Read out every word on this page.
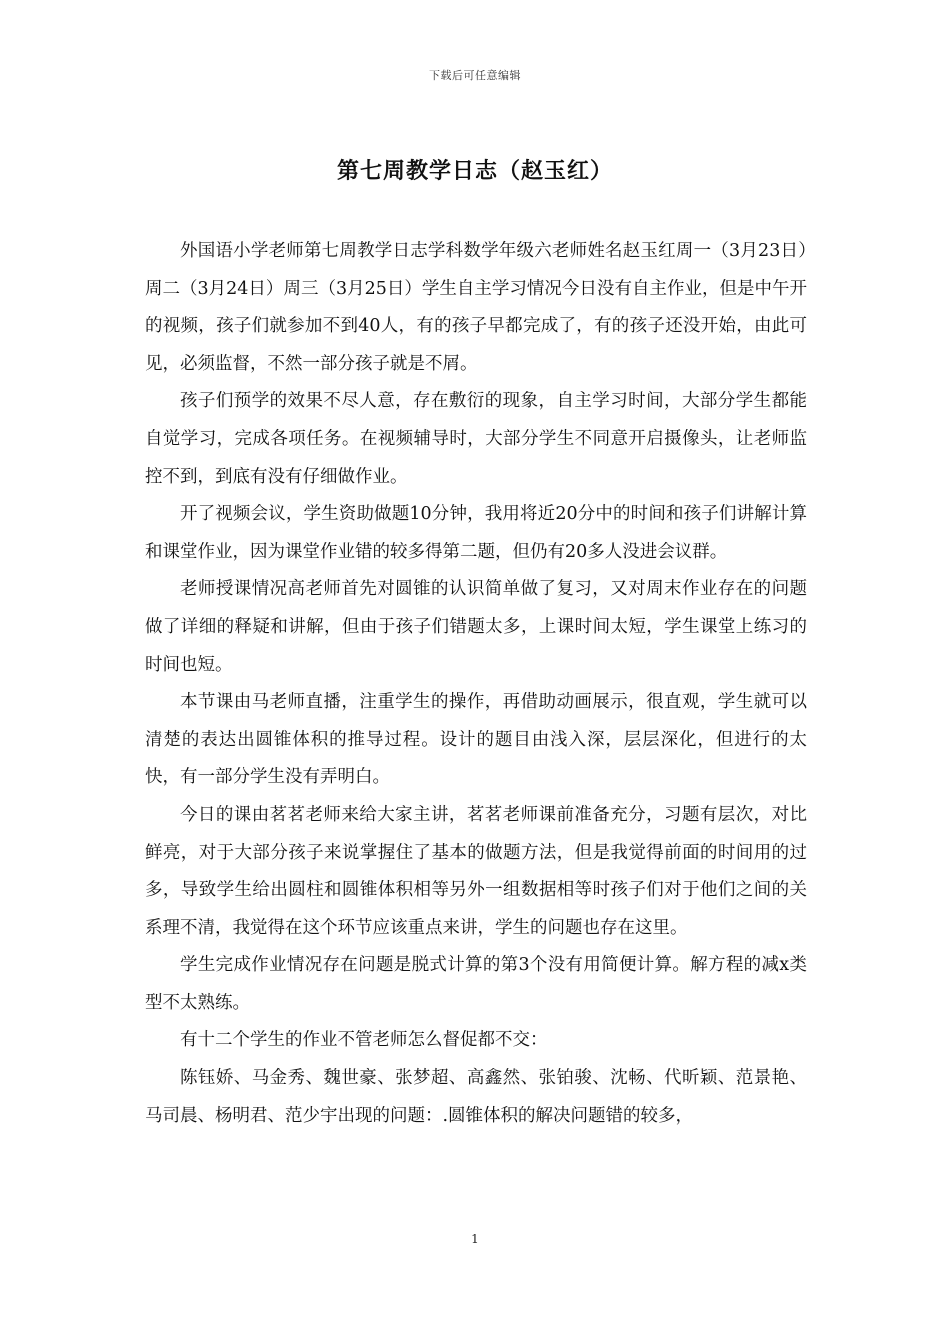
下载后可任意编辑
第七周教学日志（赵玉红）

外国语小学老师第七周教学日志学科数学年级六老师姓名赵玉红周一（3月23日）周二（3月24日）周三（3月25日）学生自主学习情况今日没有自主作业，但是中午开的视频，孩子们就参加不到40人，有的孩子早都完成了，有的孩子还没开始，由此可见，必须监督，不然一部分孩子就是不屑。

孩子们预学的效果不尽人意，存在敷衍的现象，自主学习时间，大部分学生都能自觉学习，完成各项任务。在视频辅导时，大部分学生不同意开启摄像头，让老师监控不到，到底有没有仔细做作业。

开了视频会议，学生资助做题10分钟，我用将近20分中的时间和孩子们讲解计算和课堂作业，因为课堂作业错的较多得第二题，但仍有20多人没进会议群。

老师授课情况高老师首先对圆锥的认识简单做了复习，又对周末作业存在的问题做了详细的释疑和讲解，但由于孩子们错题太多，上课时间太短，学生课堂上练习的时间也短。

本节课由马老师直播，注重学生的操作，再借助动画展示，很直观，学生就可以清楚的表达出圆锥体积的推导过程。设计的题目由浅入深，层层深化，但进行的太快，有一部分学生没有弄明白。

今日的课由茗茗老师来给大家主讲，茗茗老师课前准备充分，习题有层次，对比鲜亮，对于大部分孩子来说掌握住了基本的做题方法，但是我觉得前面的时间用的过多，导致学生给出圆柱和圆锥体积相等另外一组数据相等时孩子们对于他们之间的关系理不清，我觉得在这个环节应该重点来讲，学生的问题也存在这里。

学生完成作业情况存在问题是脱式计算的第3个没有用简便计算。解方程的减x类型不太熟练。

有十二个学生的作业不管老师怎么督促都不交：

陈钰娇、马金秀、魏世豪、张梦超、高鑫然、张铂骏、沈畅、代昕颖、范景艳、马司晨、杨明君、范少宇出现的问题：.圆锥体积的解决问题错的较多，

1
